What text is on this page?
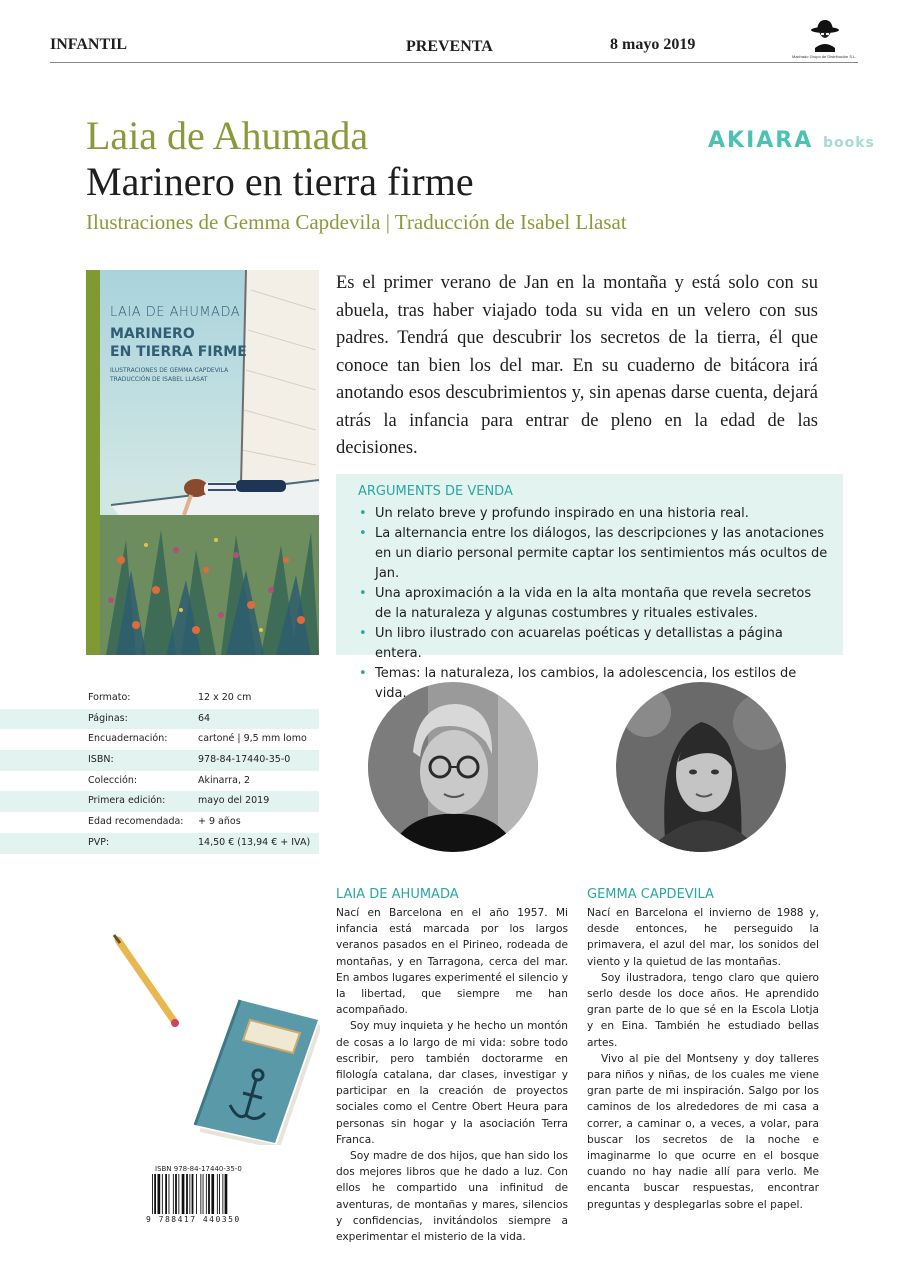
INFANTIL	PREVENTA	8 mayo 2019
Machado Grupo de Distribución S.L.
Laia de Ahumada
Marinero en tierra firme
Ilustraciones de Gemma Capdevila | Traducción de Isabel Llasat
AKIARA books
LAIA DE AHUMADA
MARINERO
EN TIERRA FIRME
ILUSTRACIONES DE GEMMA CAPDEVILA
TRADUCCIÓN DE ISABEL LLASAT
Es el primer verano de Jan en la montaña y está solo con su abuela, tras haber viajado toda su vida en un velero con sus padres. Tendrá que descubrir los secretos de la tierra, él que conoce tan bien los del mar. En su cuaderno de bitácora irá anotando esos descubrimientos y, sin apenas darse cuenta, dejará atrás la infancia para entrar de pleno en la edad de las decisiones.
ARGUMENTS DE VENDA
• Un relato breve y profundo inspirado en una historia real.
• La alternancia entre los diálogos, las descripciones y las anotaciones en un diario personal permite captar los sentimientos más ocultos de Jan.
• Una aproximación a la vida en la alta montaña que revela secretos de la naturaleza y algunas costumbres y rituales estivales.
• Un libro ilustrado con acuarelas poéticas y detallistas a página entera.
• Temas: la naturaleza, los cambios, la adolescencia, los estilos de vida.
Formato:	12 x 20 cm
Páginas:	64
Encuadernación:	cartoné | 9,5 mm lomo
ISBN:	978-84-17440-35-0
Colección:	Akinarra, 2
Primera edición:	mayo del 2019
Edad recomendada: + 9 años
PVP:	14,50 € (13,94 € + IVA)
LAIA DE AHUMADA

Nací en Barcelona en el año 1957. Mi infancia está marcada por los largos veranos pasados en el Pirineo, rodeada de montañas, y en Tarragona, cerca del mar. En ambos lugares experimenté el silencio y la libertad, que siempre me han acompañado.

Soy muy inquieta y he hecho un montón de cosas a lo largo de mi vida: sobre todo escribir, pero también doctorarme en filología catalana, dar clases, investigar y participar en la creación de proyectos sociales como el Centre Obert Heura para personas sin hogar y la asociación Terra Franca.

Soy madre de dos hijos, que han sido los dos mejores libros que he dado a luz. Con ellos he compartido una infinitud de aventuras, de montañas y mares, silencios y confidencias, invitándolos siempre a experimentar el misterio de la vida.

GEMMA CAPDEVILA

Nací en Barcelona el invierno de 1988 y, desde entonces, he perseguido la primavera, el azul del mar, los sonidos del viento y la quietud de las montañas.

Soy ilustradora, tengo claro que quiero serlo desde los doce años. He aprendido gran parte de lo que sé en la Escola Llotja y en Eina. También he estudiado bellas artes.

Vivo al pie del Montseny y doy talleres para niños y niñas, de los cuales me viene gran parte de mi inspiración. Salgo por los caminos de los alrededores de mi casa a correr, a caminar o, a veces, a volar, para buscar los secretos de la noche e imaginarme lo que ocurre en el bosque cuando no hay nadie allí para verlo. Me encanta buscar respuestas, encontrar preguntas y desplegarlas sobre el papel.

ISBN 978-84-17440-35-0
9 788417 440350
